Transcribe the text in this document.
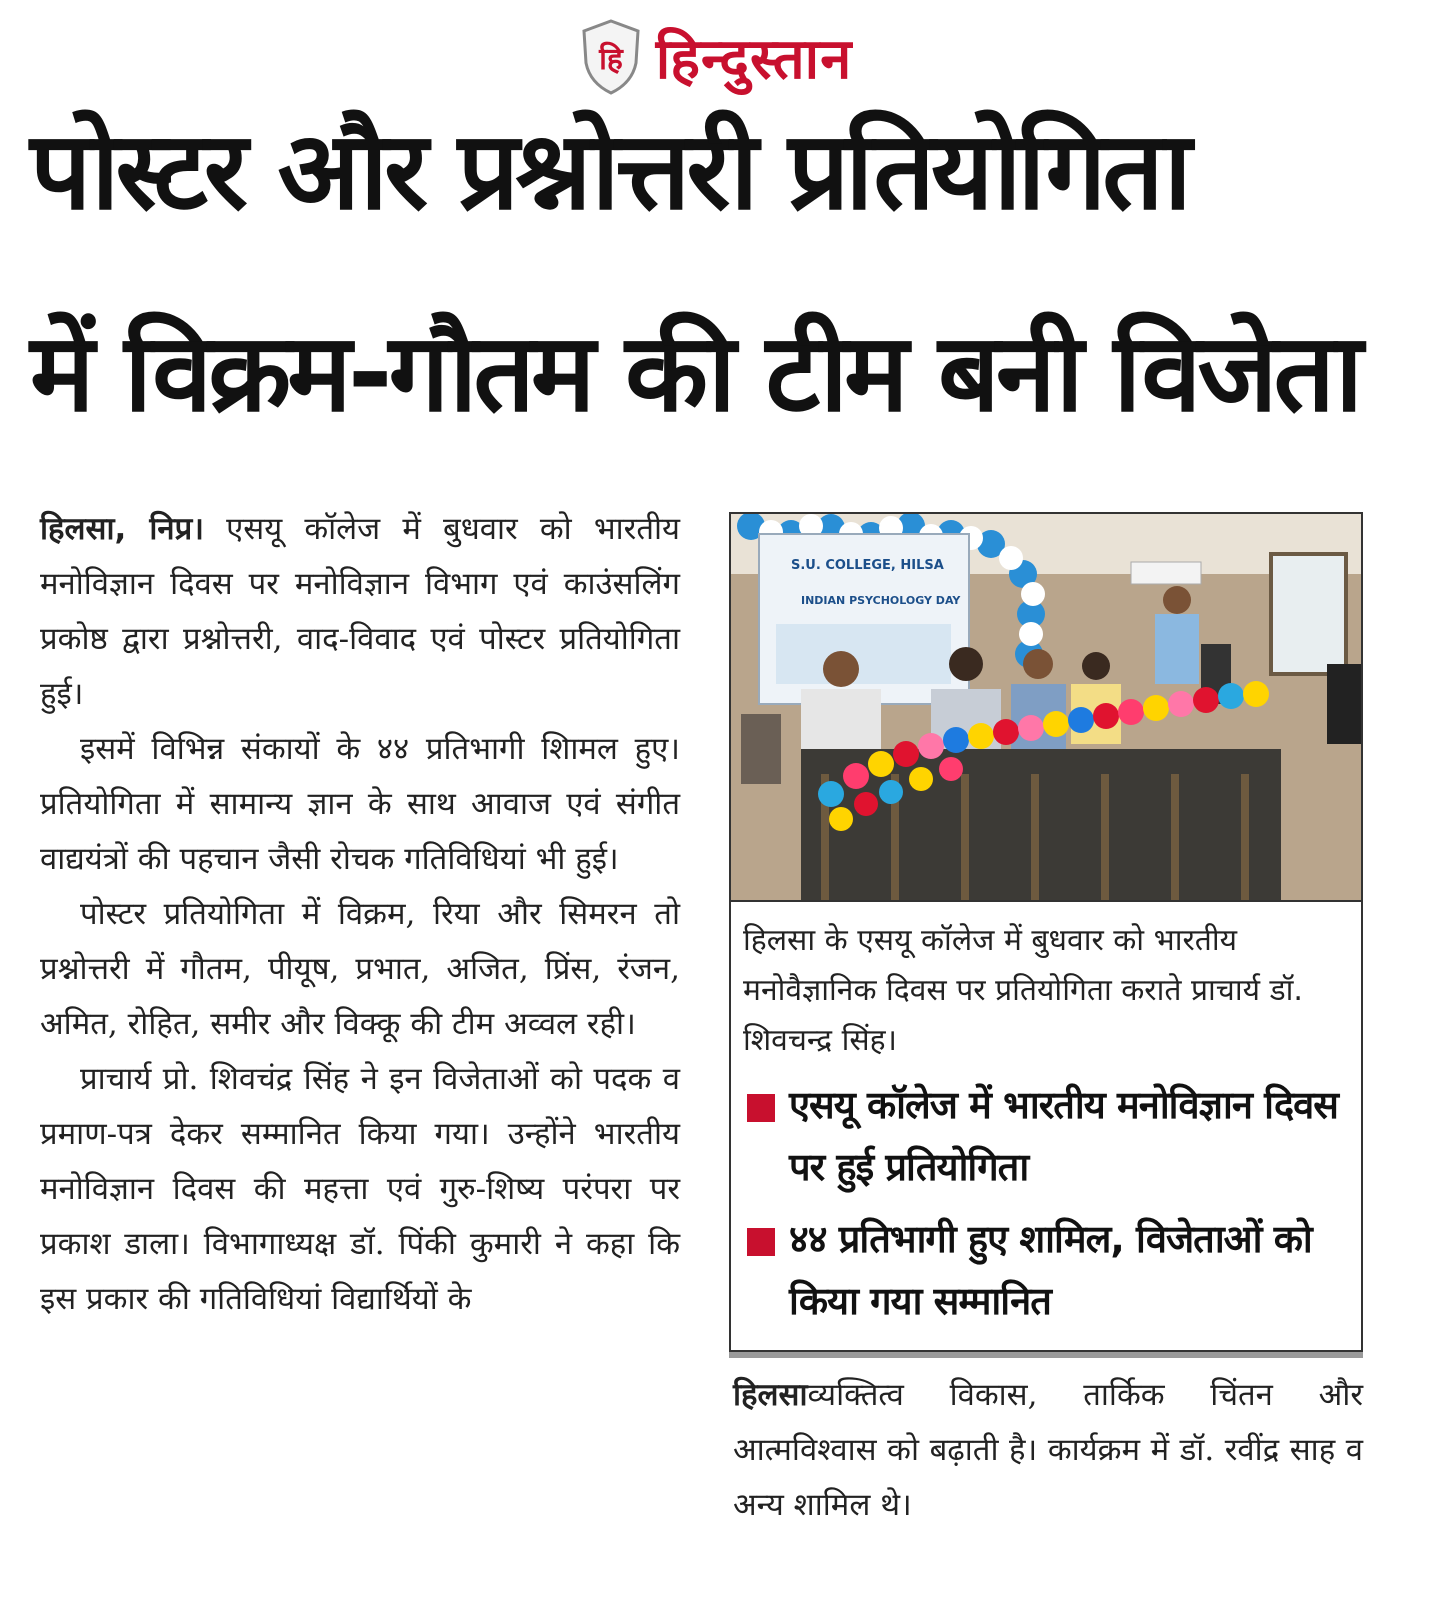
हि हिन्दुस्तान
पोस्टर और प्रश्नोत्तरी प्रतियोगिता
में विक्रम-गौतम की टीम बनी विजेता

हिलसा, निप्र। एसयू कॉलेज में बुधवार को भारतीय मनोविज्ञान दिवस पर मनोविज्ञान विभाग एवं काउंसलिंग प्रकोष्ठ द्वारा प्रश्नोत्तरी, वाद-विवाद एवं पोस्टर प्रतियोगिता हुई।

इसमें विभिन्न संकायों के ४४ प्रतिभागी शिामल हुए। प्रतियोगिता में सामान्य ज्ञान के साथ आवाज एवं संगीत वाद्ययंत्रों की पहचान जैसी रोचक गतिविधियां भी हुई।

पोस्टर प्रतियोगिता में विक्रम, रिया और सिमरन तो प्रश्नोत्तरी में गौतम, पीयूष, प्रभात, अजित, प्रिंस, रंजन, अमित, रोहित, समीर और विक्कू की टीम अव्वल रही।

प्राचार्य प्रो. शिवचंद्र सिंह ने इन विजेताओं को पदक व प्रमाण-पत्र देकर सम्मानित किया गया। उन्होंने भारतीय मनोविज्ञान दिवस की महत्ता एवं गुरु-शिष्य परंपरा पर प्रकाश डाला। विभागाध्यक्ष डॉ. पिंकी कुमारी ने कहा कि इस प्रकार की गतिविधियां विद्यार्थियों के

S.U. COLLEGE, HILSA
INDIAN PSYCHOLOGY DAY
हिलसा के एसयू कॉलेज में बुधवार को भारतीय मनोवैज्ञानिक दिवस पर प्रतियोगिता कराते प्राचार्य डॉ. शिवचन्द्र सिंह।
एसयू कॉलेज में भारतीय मनोविज्ञान दिवस पर हुई प्रतियोगिता
४४ प्रतिभागी हुए शामिल, विजेताओं को किया गया सम्मानित

हिलसाव्यक्तित्व विकास, तार्किक चिंतन और आत्मविश्वास को बढ़ाती है। कार्यक्रम में डॉ. रवींद्र साह व अन्य शामिल थे।
